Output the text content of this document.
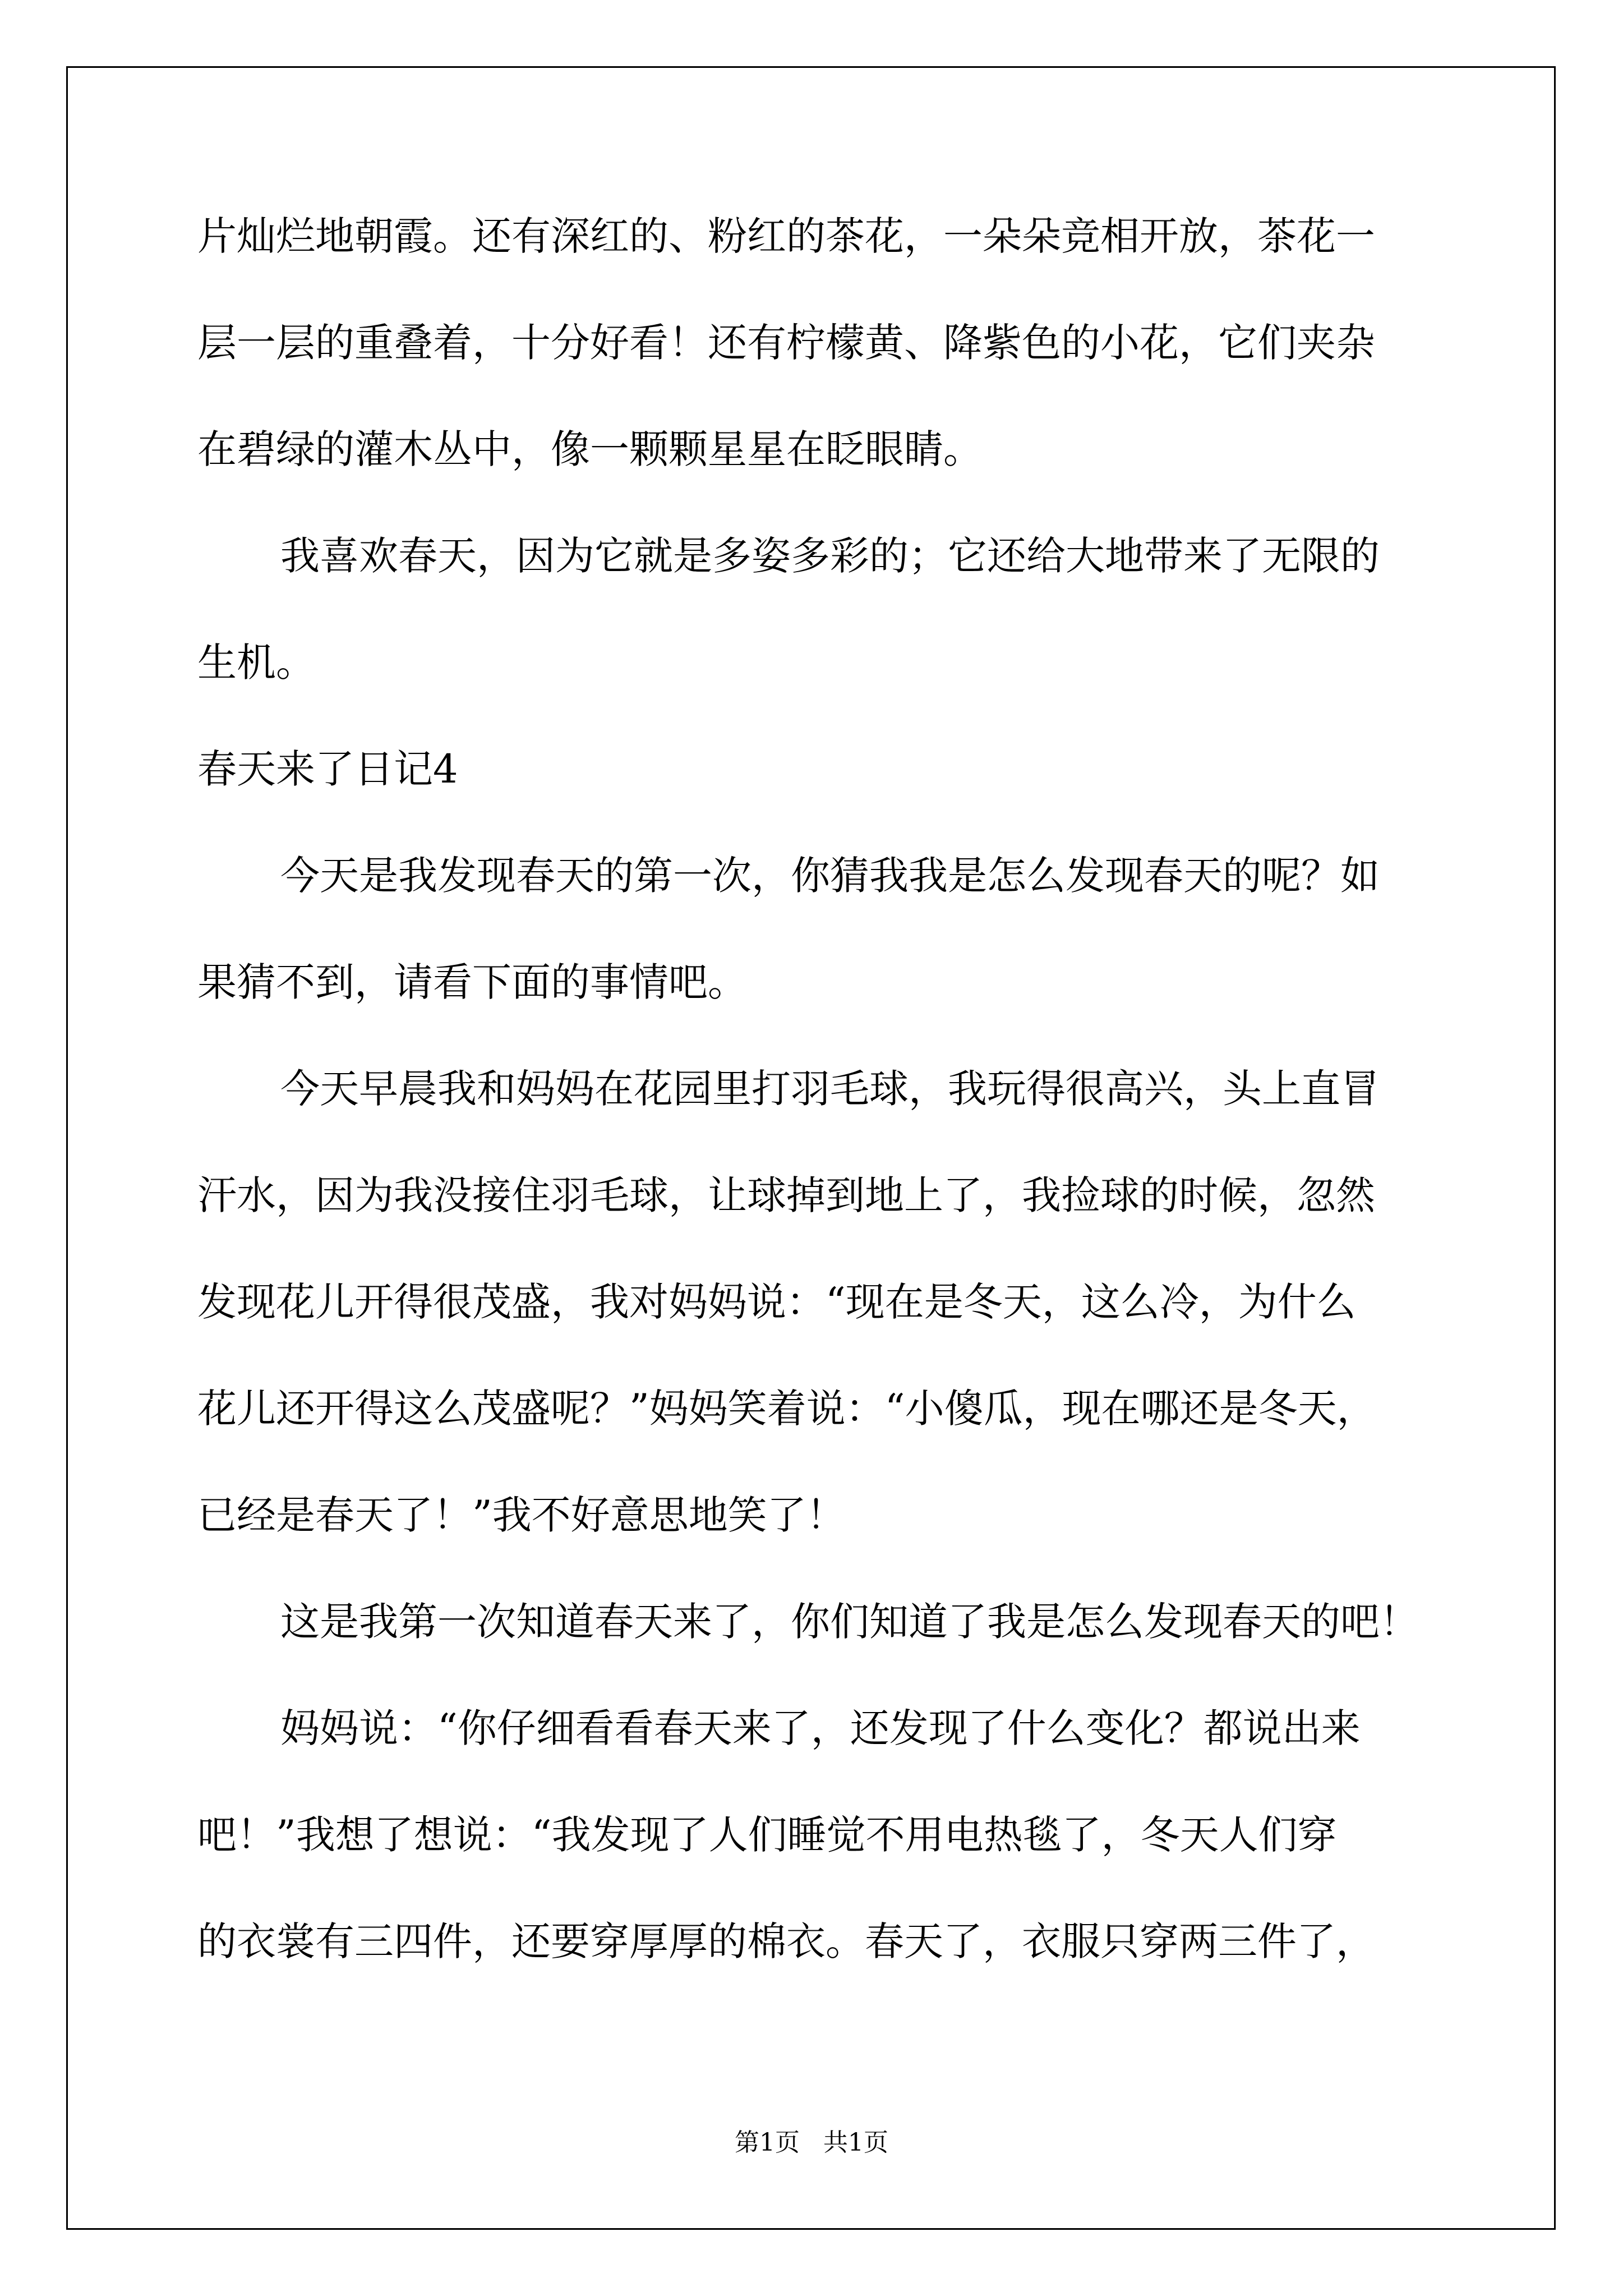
片灿烂地朝霞。还有深红的、粉红的茶花，一朵朵竞相开放，茶花一
层一层的重叠着，十分好看！还有柠檬黄、降紫色的小花，它们夹杂
在碧绿的灌木丛中，像一颗颗星星在眨眼睛。
我喜欢春天，因为它就是多姿多彩的；它还给大地带来了无限的
生机。
春天来了日记4
今天是我发现春天的第一次，你猜我我是怎么发现春天的呢？如
果猜不到，请看下面的事情吧。
今天早晨我和妈妈在花园里打羽毛球，我玩得很高兴，头上直冒
汗水，因为我没接住羽毛球，让球掉到地上了，我捡球的时候，忽然
发现花儿开得很茂盛，我对妈妈说：“现在是冬天，这么冷，为什么
花儿还开得这么茂盛呢？”妈妈笑着说：“小傻瓜，现在哪还是冬天，
已经是春天了！”我不好意思地笑了！
这是我第一次知道春天来了，你们知道了我是怎么发现春天的吧！
妈妈说：“你仔细看看春天来了，还发现了什么变化？都说出来
吧！”我想了想说：“我发现了人们睡觉不用电热毯了，冬天人们穿
的衣裳有三四件，还要穿厚厚的棉衣。春天了，衣服只穿两三件了，
第1页   共1页
